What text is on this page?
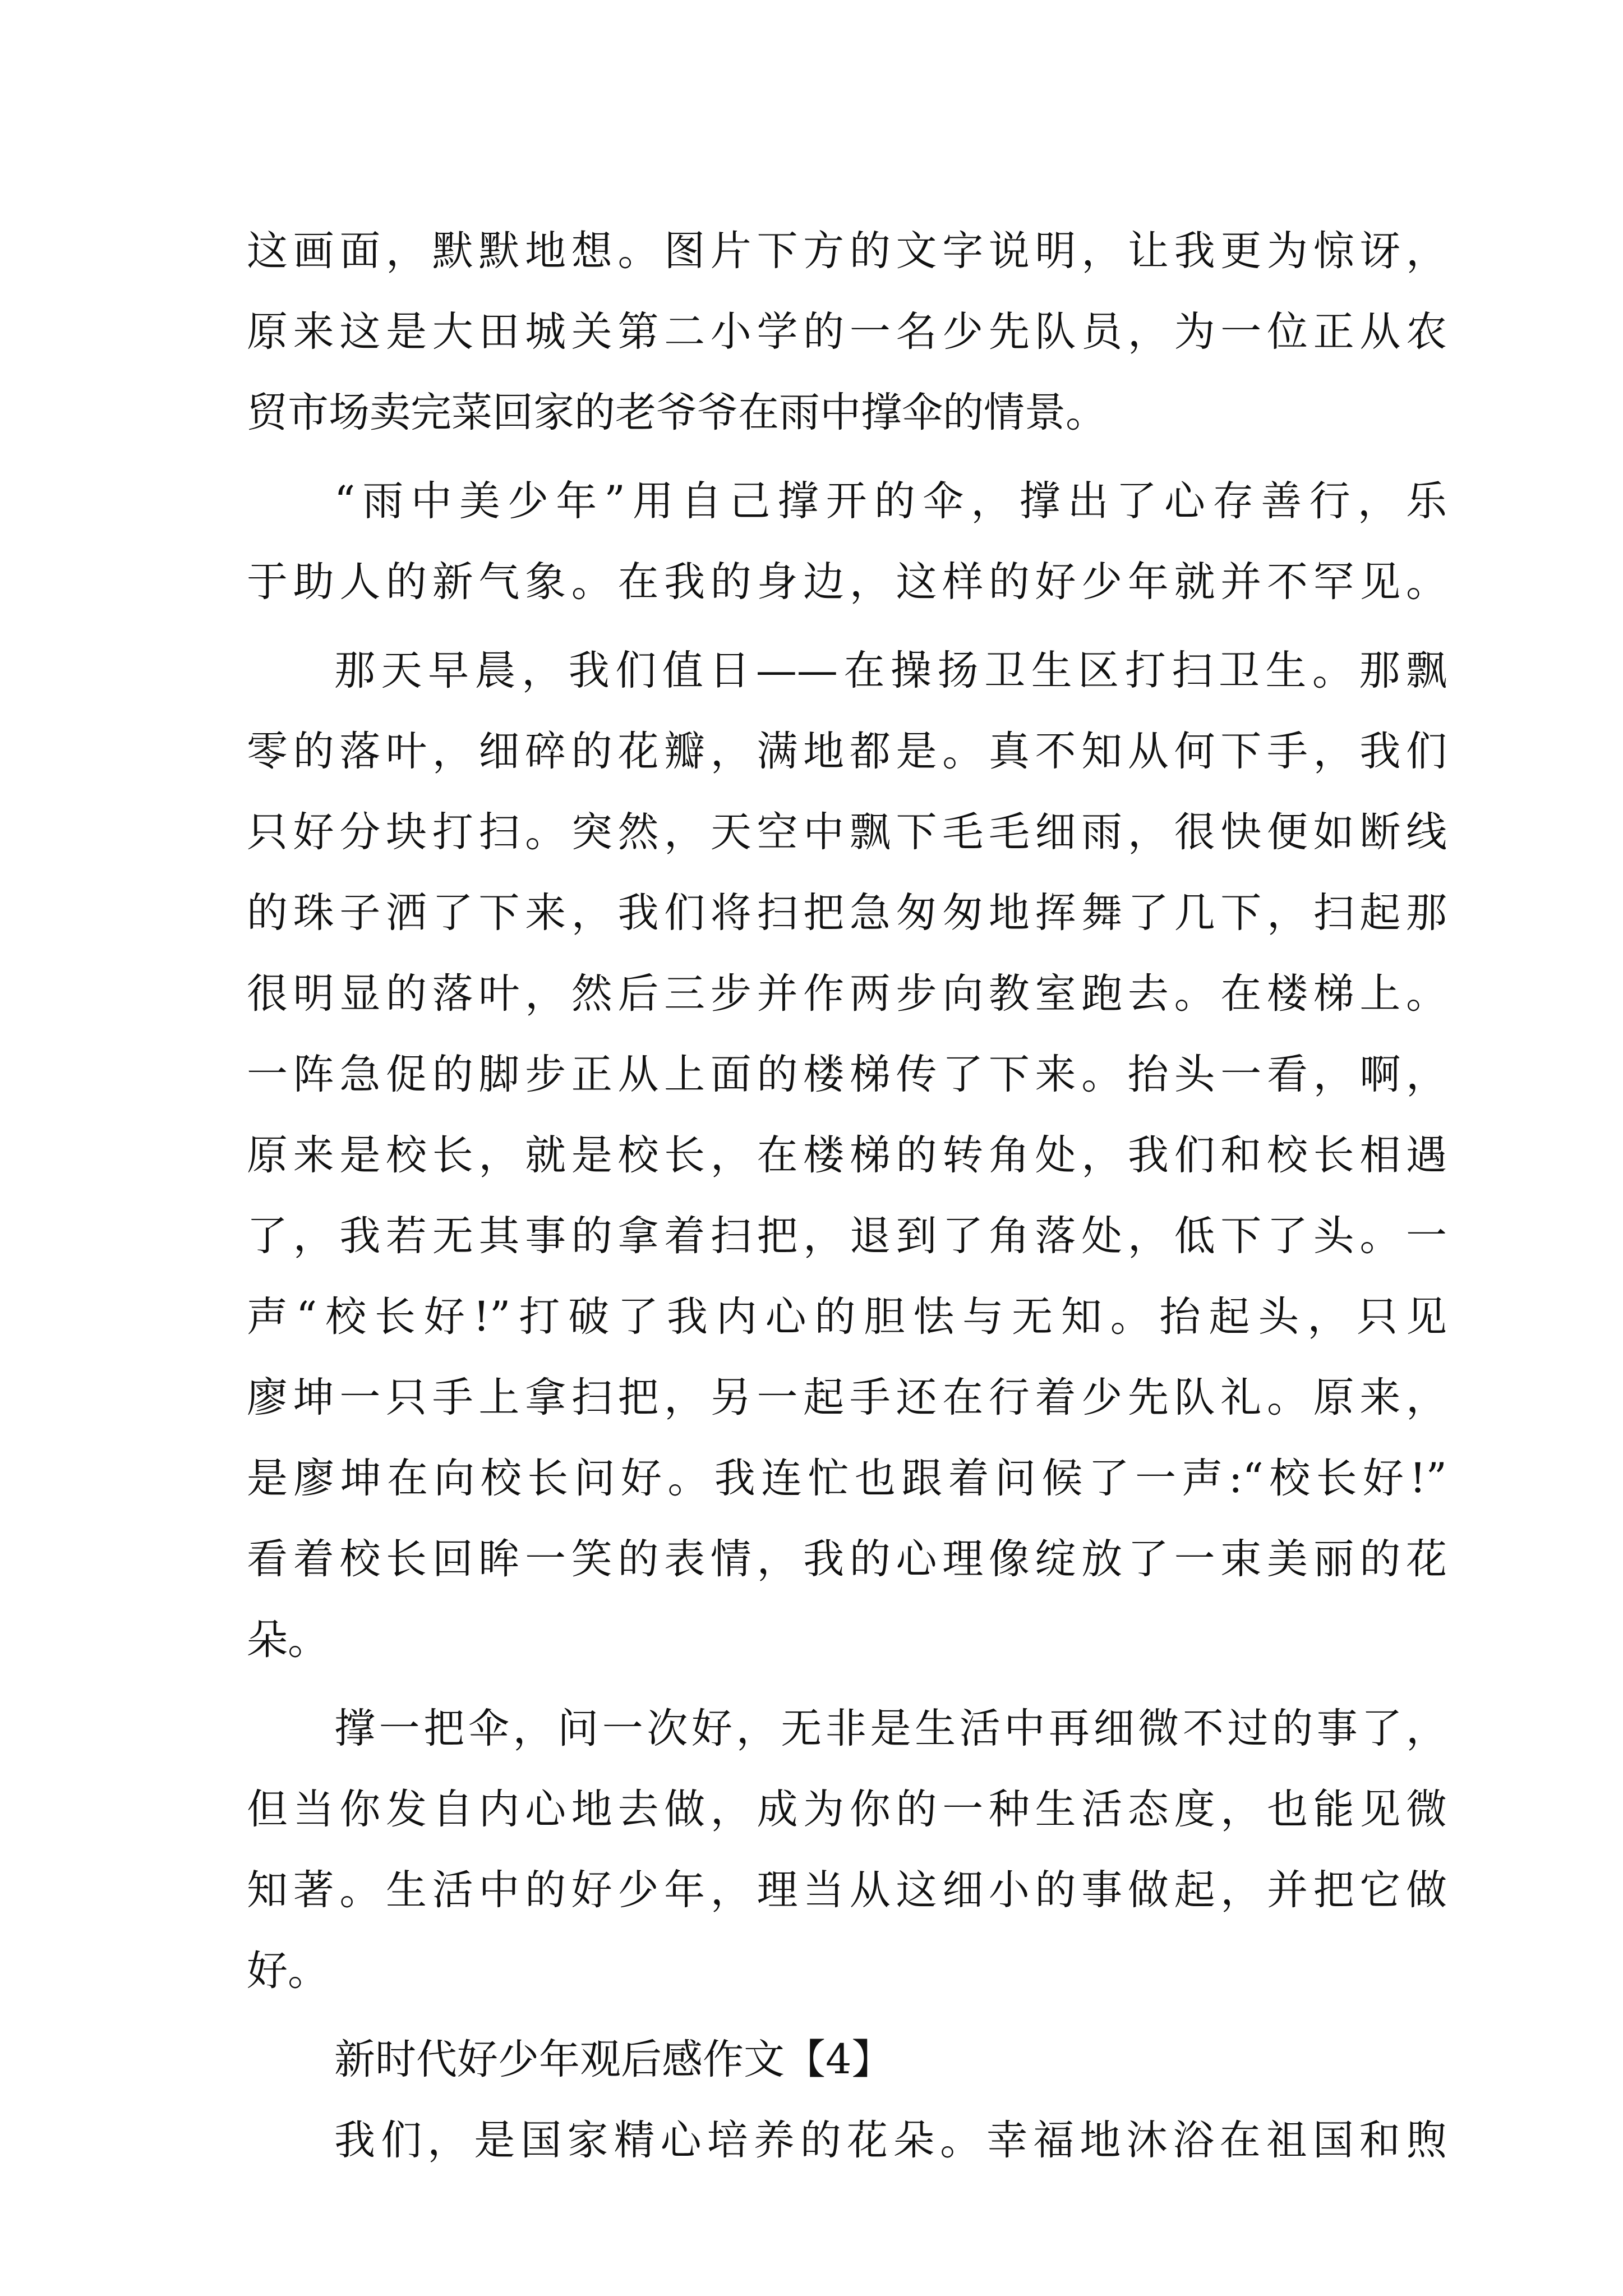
这画面，默默地想。图片下方的文字说明，让我更为惊讶，
原来这是大田城关第二小学的一名少先队员，为一位正从农
贸市场卖完菜回家的老爷爷在雨中撑伞的情景。
“雨中美少年”用自己撑开的伞，撑出了心存善行，乐
于助人的新气象。在我的身边，这样的好少年就并不罕见。
那天早晨，我们值日——在操扬卫生区打扫卫生。那飘
零的落叶，细碎的花瓣，满地都是。真不知从何下手，我们
只好分块打扫。突然，天空中飘下毛毛细雨，很快便如断线
的珠子洒了下来，我们将扫把急匆匆地挥舞了几下，扫起那
很明显的落叶，然后三步并作两步向教室跑去。在楼梯上。
一阵急促的脚步正从上面的楼梯传了下来。抬头一看，啊，
原来是校长，就是校长，在楼梯的转角处，我们和校长相遇
了，我若无其事的拿着扫把，退到了角落处，低下了头。一
声“校长好!”打破了我内心的胆怯与无知。抬起头，只见
廖坤一只手上拿扫把，另一起手还在行着少先队礼。原来，
是廖坤在向校长问好。我连忙也跟着问候了一声:“校长好!”
看着校长回眸一笑的表情，我的心理像绽放了一束美丽的花
朵。
撑一把伞，问一次好，无非是生活中再细微不过的事了，
但当你发自内心地去做，成为你的一种生活态度，也能见微
知著。生活中的好少年，理当从这细小的事做起，并把它做
好。
新时代好少年观后感作文【4】
我们，是国家精心培养的花朵。幸福地沐浴在祖国和煦
